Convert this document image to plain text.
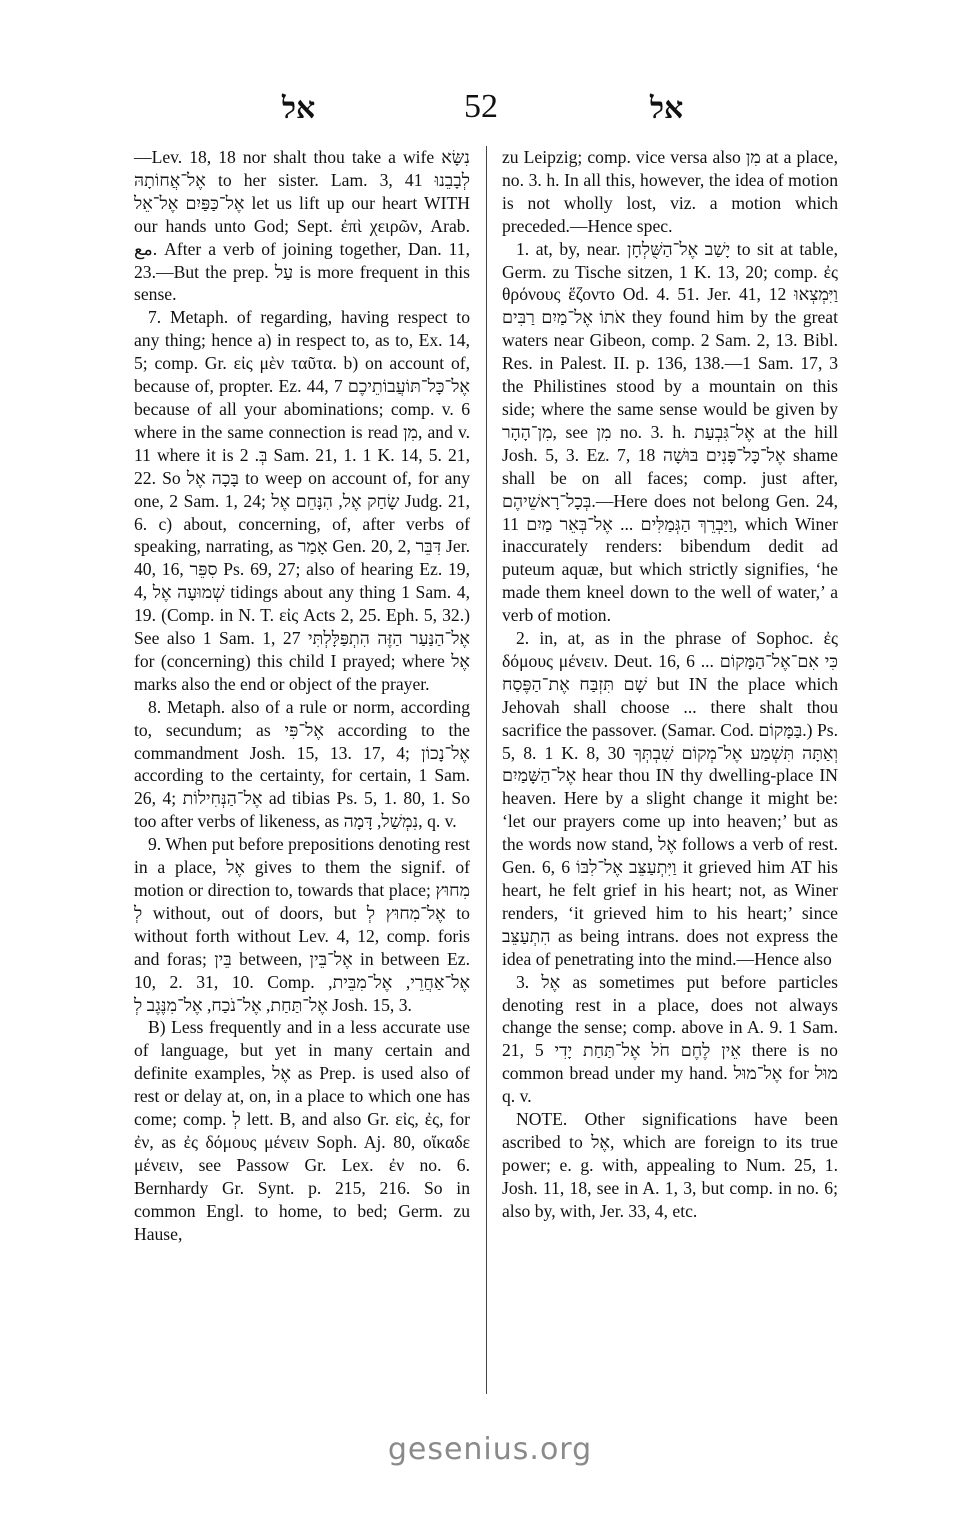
אל	52	אל

—Lev. 18, 18 nor shalt thou take a wife נִשָּׂא אֶל־אֲחוֹתָהּ to her sister. Lam. 3, 41 לְבָבֵנוּ אֶל־כַּפַּיִם אֶל־אֵל let us lift up our heart WITH our hands unto God; Sept. ἐπὶ χειρῶν, Arab. مع. After a verb of joining together, Dan. 11, 23.—But the prep. עַל is more frequent in this sense.

7. Metaph. of regarding, having respect to any thing; hence a) in respect to, as to, Ex. 14, 5; comp. Gr. εἰς μὲν ταῦτα. b) on account of, because of, propter. Ez. 44, 7 אֶל־כָּל־תּוֹעֲבוֹתֵיכֶם because of all your abominations; comp. v. 6 where in the same connection is read מִן, and v. 11 where it is בְּ. 2 Sam. 21, 1. 1 K. 14, 5. 21, 22. So בָּכָה אֶל to weep on account of, for any one, 2 Sam. 1, 24; שָׂחַק אֶל, הִנָּחֵם אֶל Judg. 21, 6. c) about, concerning, of, after verbs of speaking, narrating, as אָמַר Gen. 20, 2, דִּבֵּר Jer. 40, 16, סִפֵּר Ps. 69, 27; also of hearing Ez. 19, 4, שְׁמוּעָה אֶל tidings about any thing 1 Sam. 4, 19. (Comp. in N. T. εἰς Acts 2, 25. Eph. 5, 32.) See also 1 Sam. 1, 27 אֶל־הַנַּעַר הַזֶּה הִתְפַּלָּלְתִּי for (concerning) this child I prayed; where אֶל marks also the end or object of the prayer.

8. Metaph. also of a rule or norm, according to, secundum; as אֶל־פִּי according to the commandment Josh. 15, 13. 17, 4; אֶל־נָכוֹן according to the certainty, for certain, 1 Sam. 26, 4; אֶל־הַנְּחִילוֹת ad tibias Ps. 5, 1. 80, 1. So too after verbs of likeness, as נִמְשַׁל, דָּמָה, q. v.

9. When put before prepositions denoting rest in a place, אֶל gives to them the signif. of motion or direction to, towards that place; מִחוּץ לְ without, out of doors, but אֶל־מִחוּץ לְ to without forth without Lev. 4, 12, comp. foris and foras; בֵּין between, אֶל־בֵּין in between Ez. 10, 2. 31, 10. Comp. אֶל־אַחֲרֵי, אֶל־מִבֵּית, אֶל־תַּחַת, אֶל־נֹכַח, אֶל־מִנֶּגֶב לְ Josh. 15, 3.

B) Less frequently and in a less accurate use of language, but yet in many certain and definite examples, אֶל as Prep. is used also of rest or delay at, on, in a place to which one has come; comp. לְ lett. B, and also Gr. εἰς, ἐς, for ἐν, as ἐς δόμους μένειν Soph. Aj. 80, οἴκαδε μένειν, see Passow Gr. Lex. ἐν no. 6. Bernhardy Gr. Synt. p. 215, 216. So in common Engl. to home, to bed; Germ. zu Hause,

zu Leipzig; comp. vice versa also מִן at a place, no. 3. h. In all this, however, the idea of motion is not wholly lost, viz. a motion which preceded.—Hence spec.

1. at, by, near. יָשַׁב אֶל־הַשֻּׁלְחָן to sit at table, Germ. zu Tische sitzen, 1 K. 13, 20; comp. ἐς θρόνους ἕζοντο Od. 4. 51. Jer. 41, 12 וַיִּמְצְאוּ אֹתוֹ אֶל־מַיִם רַבִּים they found him by the great waters near Gibeon, comp. 2 Sam. 2, 13. Bibl. Res. in Palest. II. p. 136, 138.—1 Sam. 17, 3 the Philistines stood by a mountain on this side; where the same sense would be given by מִן־הָהָר, see מִן no. 3. h. אֶל־גִּבְעַת at the hill Josh. 5, 3. Ez. 7, 18 אֶל־כָּל־פָּנִים בּוּשָׁה shame shall be on all faces; comp. just after, בְּכָל־רָאשֵׁיהֶם.—Here does not belong Gen. 24, 11 וַיַּבְרֵךְ הַגְּמַלִּים ... אֶל־בְּאֵר מַיִם, which Winer inaccurately renders: bibendum dedit ad puteum aquæ, but which strictly signifies, ‘he made them kneel down to the well of water,’ a verb of motion.

2. in, at, as in the phrase of Sophoc. ἐς δόμους μένειν. Deut. 16, 6 כִּי אִם־אֶל־הַמָּקוֹם ... שָׁם תִּזְבַּח אֶת־הַפֶּסַח but IN the place which Jehovah shall choose ... there shalt thou sacrifice the passover. (Samar. Cod. בַּמָּקוֹם.) Ps. 5, 8. 1 K. 8, 30 וְאַתָּה תִּשְׁמַע אֶל־מְקוֹם שִׁבְתְּךָ אֶל־הַשָּׁמַיִם hear thou IN thy dwelling-place IN heaven. Here by a slight change it might be: ‘let our prayers come up into heaven;’ but as the words now stand, אֶל follows a verb of rest. Gen. 6, 6 וַיִּתְעַצֵּב אֶל־לִבּוֹ it grieved him AT his heart, he felt grief in his heart; not, as Winer renders, ‘it grieved him to his heart;’ since הִתְעַצֵּב as being intrans. does not express the idea of penetrating into the mind.—Hence also

3. אֶל as sometimes put before particles denoting rest in a place, does not always change the sense; comp. above in A. 9. 1 Sam. 21, 5 אֵין לֶחֶם חֹל אֶל־תַּחַת יָדִי there is no common bread under my hand. אֶל־מוּל for מוּל q. v.

NOTE. Other significations have been ascribed to אֶל, which are foreign to its true power; e. g. with, appealing to Num. 25, 1. Josh. 11, 18, see in A. 1, 3, but comp. in no. 6; also by, with, Jer. 33, 4, etc.

gesenius.org
